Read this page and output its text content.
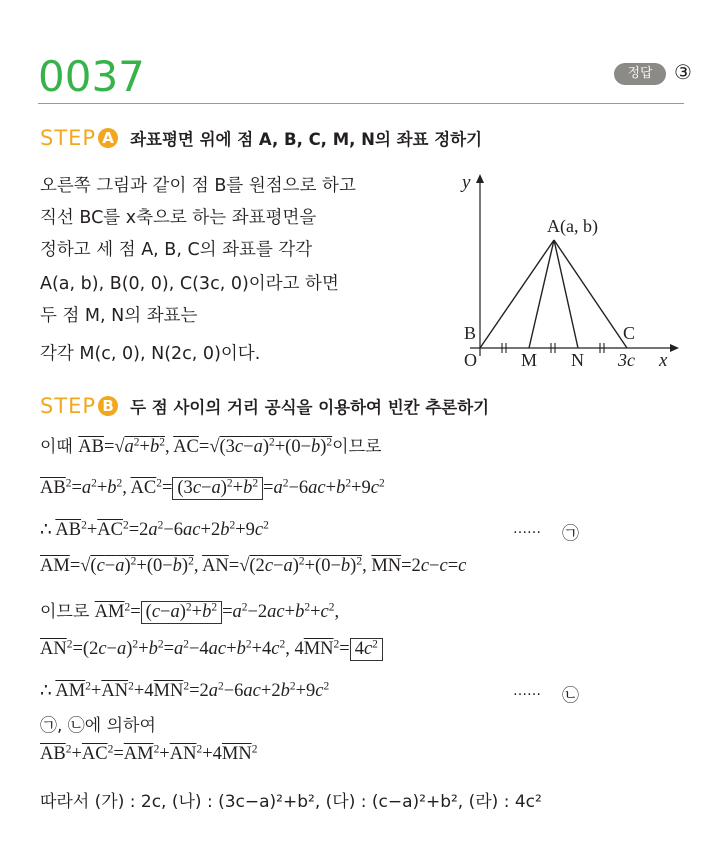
0037	정답	③
STEP A 좌표평면 위에 점 A, B, C, M, N의 좌표 정하기
오른쪽 그림과 같이 점 B를 원점으로 하고
직선 BC를 x축으로 하는 좌표평면을
정하고 세 점 A, B, C의 좌표를 각각
A(a, b), B(0, 0), C(3c, 0)이라고 하면
두 점 M, N의 좌표는
각각 M(c, 0), N(2c, 0)이다.
y
x
A(a, b)
B	C
O M N 3c
STEP B 두 점 사이의 거리 공식을 이용하여 빈칸 추론하기
이때 $\overline{AB}=√a^2+b^2$, $\overline{AC}=√(3c-a)^2+(0-b)^2$이므로
$\overline{AB}^2=a^2+b^2$, $\overline{AC}^2= (3c-a)^2+b^2 =a^2-6ac+b^2+9c^2$
∴ $\overline{AB}^2+\overline{AC}^2=2a^2-6ac+2b^2+9c^2$	…… ㉠
$\overline{AM}=√(c-a)^2+(0-b)^2$, $\overline{AN}=√(2c-a)^2+(0-b)^2$, $\overline{MN}=2c-c=c$
이므로 $\overline{AM}^2= (c-a)^2+b^2 =a^2-2ac+b^2+c^2$,
$\overline{AN}^2=(2c-a)^2+b^2=a^2-4ac+b^2+4c^2$, $4\overline{MN}^2= 4c^2$
∴ $\overline{AM}^2+\overline{AN}^2+4\overline{MN}^2=2a^2-6ac+2b^2+9c^2$	…… ㉡
㉠, ㉡에 의하여
$\overline{AB}^2+\overline{AC}^2=\overline{AM}^2+\overline{AN}^2+4\overline{MN}^2$
따라서 (가) : 2c, (나) : (3c−a)²+b², (다) : (c−a)²+b², (라) : 4c²
